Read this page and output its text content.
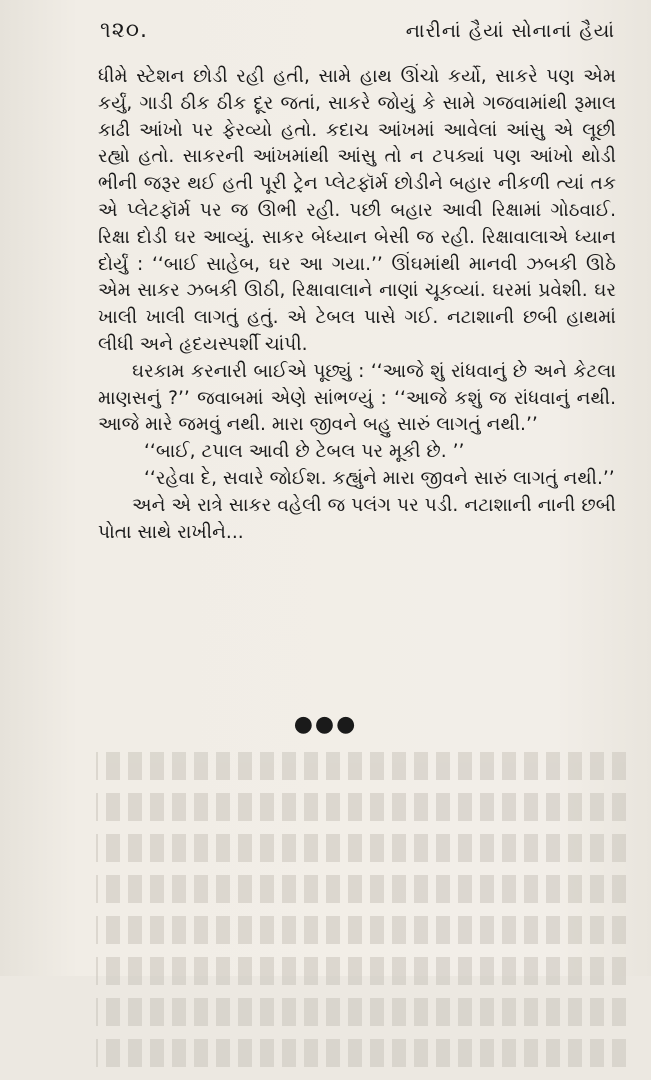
૧૨૦.	નારીનાં હૈયાં સોનાનાં હૈયાં

ધીમે સ્ટેશન છોડી રહી હતી, સામે હાથ ઊંચો કર્યો, સાકરે પણ એમ કર્યું, ગાડી ઠીક ઠીક દૂર જતાં, સાકરે જોયું કે સામે ગજવામાંથી રૂમાલ કાઢી આંખો પર ફેરવ્યો હતો. કદાચ આંખમાં આવેલાં આંસુ એ લૂછી રહ્યો હતો. સાકરની આંખમાંથી આંસુ તો ન ટપક્યાં પણ આંખો થોડી ભીની જરૂર થઈ હતી પૂરી ટ્રેન પ્લેટફૉર્મ છોડીને બહાર નીકળી ત્યાં તક એ પ્લેટફૉર્મ પર જ ઊભી રહી. પછી બહાર આવી રિક્ષામાં ગોઠવાઈ. રિક્ષા દોડી ઘર આવ્યું. સાકર બેધ્યાન બેસી જ રહી. રિક્ષાવાલાએ ધ્યાન દોર્યું : ‘‘બાઈ સાહેબ, ઘર આ ગયા.’’ ઊંઘમાંથી માનવી ઝબકી ઊઠે એમ સાકર ઝબકી ઊઠી, રિક્ષાવાલાને નાણાં ચૂકવ્યાં. ઘરમાં પ્રવેશી. ઘર ખાલી ખાલી લાગતું હતું. એ ટેબલ પાસે ગઈ. નટાશાની છબી હાથમાં લીધી અને હૃદયસ્પર્શી ચાંપી.

ઘરકામ કરનારી બાઈએ પૂછ્યું : ‘‘આજે શું રાંધવાનું છે અને કેટલા માણસનું ?’’ જવાબમાં એણે સાંભળ્યું : ‘‘આજે કશું જ રાંધવાનું નથી. આજે મારે જમવું નથી. મારા જીવને બહુ સારું લાગતું નથી.’’

‘‘બાઈ, ટપાલ આવી છે ટેબલ પર મૂકી છે. ’’

‘‘રહેવા દે, સવારે જોઈશ. કહ્યુંને મારા જીવને સારું લાગતું નથી.’’

અને એ રાત્રે સાકર વહેલી જ પલંગ પર પડી. નટાશાની નાની છબી પોતા સાથે રાખીને...

●●●
